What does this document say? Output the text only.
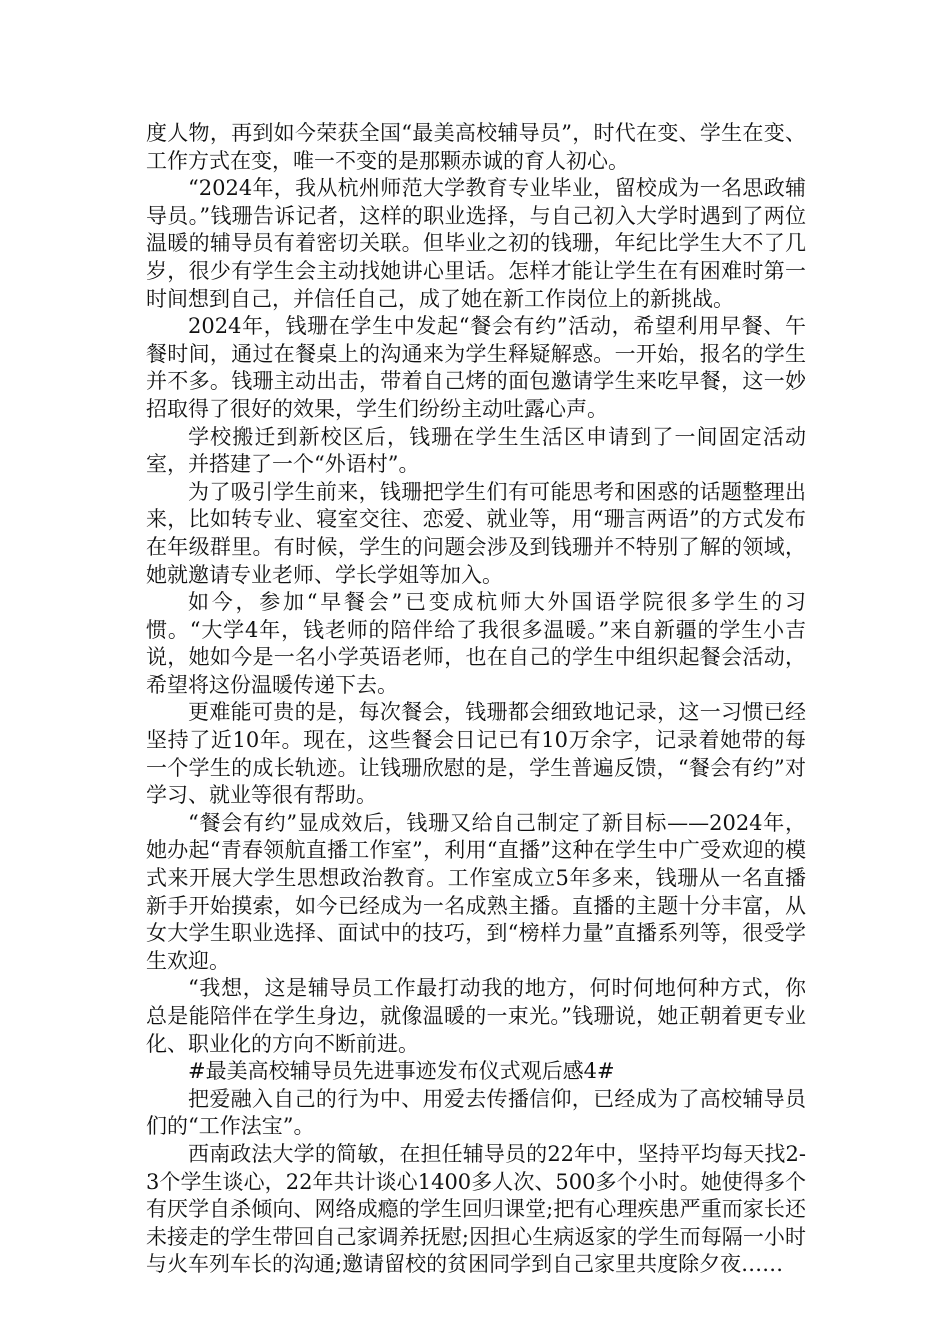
度人物，再到如今荣获全国“最美高校辅导员”，时代在变、学生在变、工作方式在变，唯一不变的是那颗赤诚的育人初心。

“2024年，我从杭州师范大学教育专业毕业，留校成为一名思政辅导员。”钱珊告诉记者，这样的职业选择，与自己初入大学时遇到了两位温暖的辅导员有着密切关联。但毕业之初的钱珊，年纪比学生大不了几岁，很少有学生会主动找她讲心里话。怎样才能让学生在有困难时第一时间想到自己，并信任自己，成了她在新工作岗位上的新挑战。

2024年，钱珊在学生中发起“餐会有约”活动，希望利用早餐、午餐时间，通过在餐桌上的沟通来为学生释疑解惑。一开始，报名的学生并不多。钱珊主动出击，带着自己烤的面包邀请学生来吃早餐，这一妙招取得了很好的效果，学生们纷纷主动吐露心声。

学校搬迁到新校区后，钱珊在学生生活区申请到了一间固定活动室，并搭建了一个“外语村”。

为了吸引学生前来，钱珊把学生们有可能思考和困惑的话题整理出来，比如转专业、寝室交往、恋爱、就业等，用“珊言两语”的方式发布在年级群里。有时候，学生的问题会涉及到钱珊并不特别了解的领域，她就邀请专业老师、学长学姐等加入。

如今，参加“早餐会”已变成杭师大外国语学院很多学生的习惯。“大学4年，钱老师的陪伴给了我很多温暖。”来自新疆的学生小吉说，她如今是一名小学英语老师，也在自己的学生中组织起餐会活动，希望将这份温暖传递下去。

更难能可贵的是，每次餐会，钱珊都会细致地记录，这一习惯已经坚持了近10年。现在，这些餐会日记已有10万余字，记录着她带的每一个学生的成长轨迹。让钱珊欣慰的是，学生普遍反馈，“餐会有约”对学习、就业等很有帮助。

“餐会有约”显成效后，钱珊又给自己制定了新目标——2024年，她办起“青春领航直播工作室”，利用“直播”这种在学生中广受欢迎的模式来开展大学生思想政治教育。工作室成立5年多来，钱珊从一名直播新手开始摸索，如今已经成为一名成熟主播。直播的主题十分丰富，从女大学生职业选择、面试中的技巧，到“榜样力量”直播系列等，很受学生欢迎。

“我想，这是辅导员工作最打动我的地方，何时何地何种方式，你总是能陪伴在学生身边，就像温暖的一束光。”钱珊说，她正朝着更专业化、职业化的方向不断前进。

#最美高校辅导员先进事迹发布仪式观后感4#

把爱融入自己的行为中、用爱去传播信仰，已经成为了高校辅导员们的“工作法宝”。

西南政法大学的简敏，在担任辅导员的22年中，坚持平均每天找2-3个学生谈心，22年共计谈心1400多人次、500多个小时。她使得多个有厌学自杀倾向、网络成瘾的学生回归课堂;把有心理疾患严重而家长还未接走的学生带回自己家调养抚慰;因担心生病返家的学生而每隔一小时与火车列车长的沟通;邀请留校的贫困同学到自己家里共度除夕夜……
